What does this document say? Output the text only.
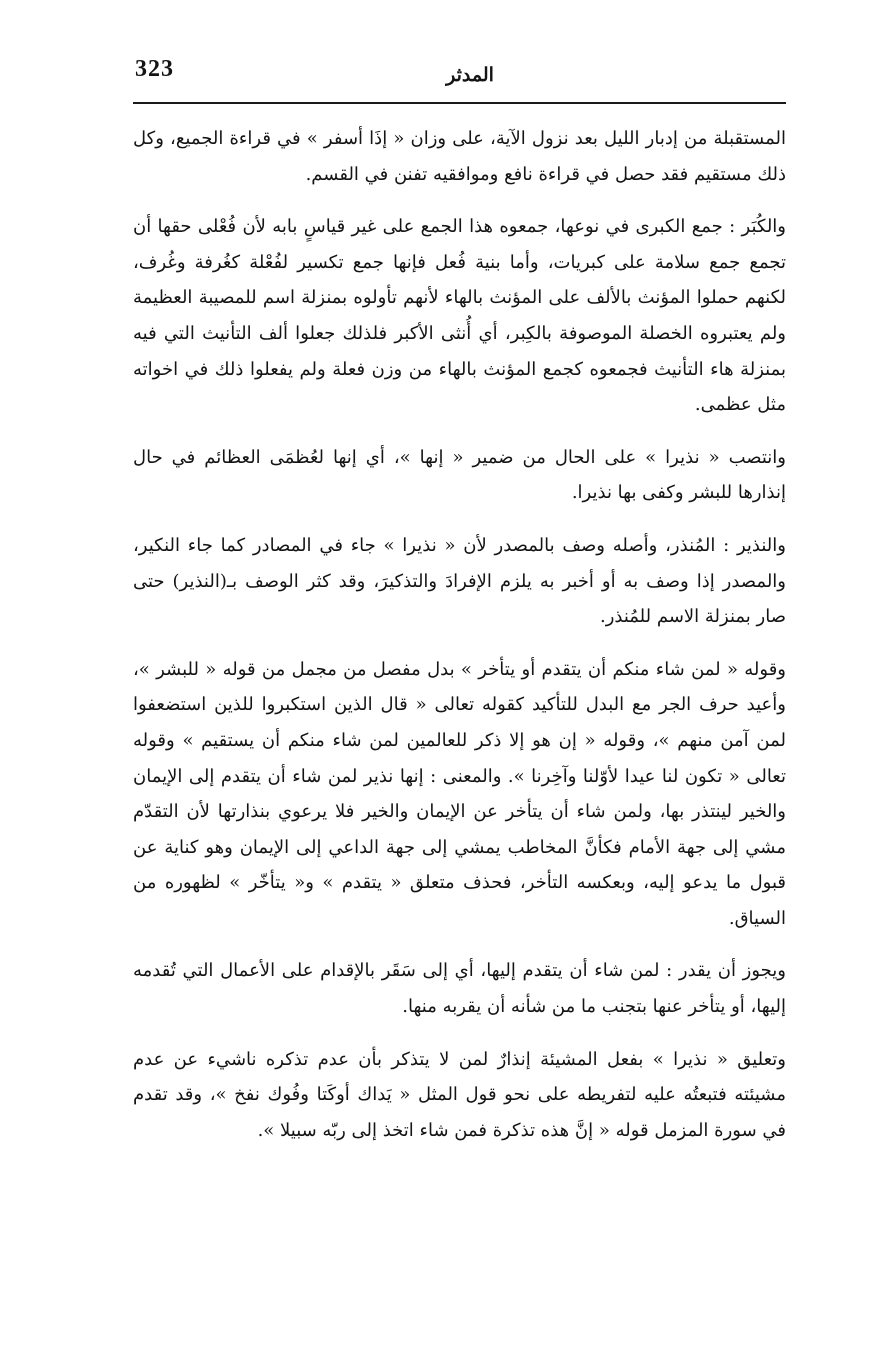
323	المدثر

المستقبلة من إدبار الليل بعد نزول الآية، على وزان « إذَا أسفر » في قراءة الجميع، وكل ذلك مستقيم فقد حصل في قراءة نافع وموافقيه تفنن في القسم.

والكُبَر : جمع الكبرى في نوعها، جمعوه هذا الجمع على غير قياسٍ بابه لأن فُعْلى حقها أن تجمع جمع سلامة على كبريات، وأما بنية فُعل فإنها جمع تكسير لفُعْلة كغُرفة وغُرف، لكنهم حملوا المؤنث بالألف على المؤنث بالهاء لأنهم تأولوه بمنزلة اسم للمصيبة العظيمة ولم يعتبروه الخصلة الموصوفة بالكِبر، أي أُنثى الأكبر فلذلك جعلوا ألف التأنيث التي فيه بمنزلة هاء التأنيث فجمعوه كجمع المؤنث بالهاء من وزن فعلة ولم يفعلوا ذلك في اخواته مثل عظمى.

وانتصب « نذيرا » على الحال من ضمير « إنها »، أي إنها لعُظمَى العظائم في حال إنذارها للبشر وكفى بها نذيرا.

والنذير : المُنذر، وأصله وصف بالمصدر لأن « نذيرا » جاء في المصادر كما جاء النكير، والمصدر إذا وصف به أو أخبر به يلزم الإفرادَ والتذكيرَ، وقد كثر الوصف بـ(النذير) حتى صار بمنزلة الاسم للمُنذر.

وقوله « لمن شاء منكم أن يتقدم أو يتأخر » بدل مفصل من مجمل من قوله « للبشر »، وأعيد حرف الجر مع البدل للتأكيد كقوله تعالى « قال الذين استكبروا للذين استضعفوا لمن آمن منهم »، وقوله « إن هو إلا ذكر للعالمين لمن شاء منكم أن يستقيم » وقوله تعالى « تكون لنا عيدا لأوّلنا وآخِرنا ». والمعنى : إنها نذير لمن شاء أن يتقدم إلى الإيمان والخير لينتذر بها، ولمن شاء أن يتأخر عن الإيمان والخير فلا يرعوي بنذارتها لأن التقدّم مشي إلى جهة الأمام فكأنَّ المخاطب يمشي إلى جهة الداعي إلى الإيمان وهو كناية عن قبول ما يدعو إليه، وبعكسه التأخر، فحذف متعلق « يتقدم » و« يتأخّر » لظهوره من السياق.

ويجوز أن يقدر : لمن شاء أن يتقدم إليها، أي إلى سَقَر بالإقدام على الأعمال التي تُقدمه إليها، أو يتأخر عنها بتجنب ما من شأنه أن يقربه منها.

وتعليق « نذيرا » بفعل المشيئة إنذارٌ لمن لا يتذكر بأن عدم تذكره ناشيء عن عدم مشيئته فتبعتُه عليه لتفريطه على نحو قول المثل « يَداك أوكَتا وفُوك نفخ »، وقد تقدم في سورة المزمل قوله « إنَّ هذه تذكرة فمن شاء اتخذ إلى ربّه سبيلا ».
